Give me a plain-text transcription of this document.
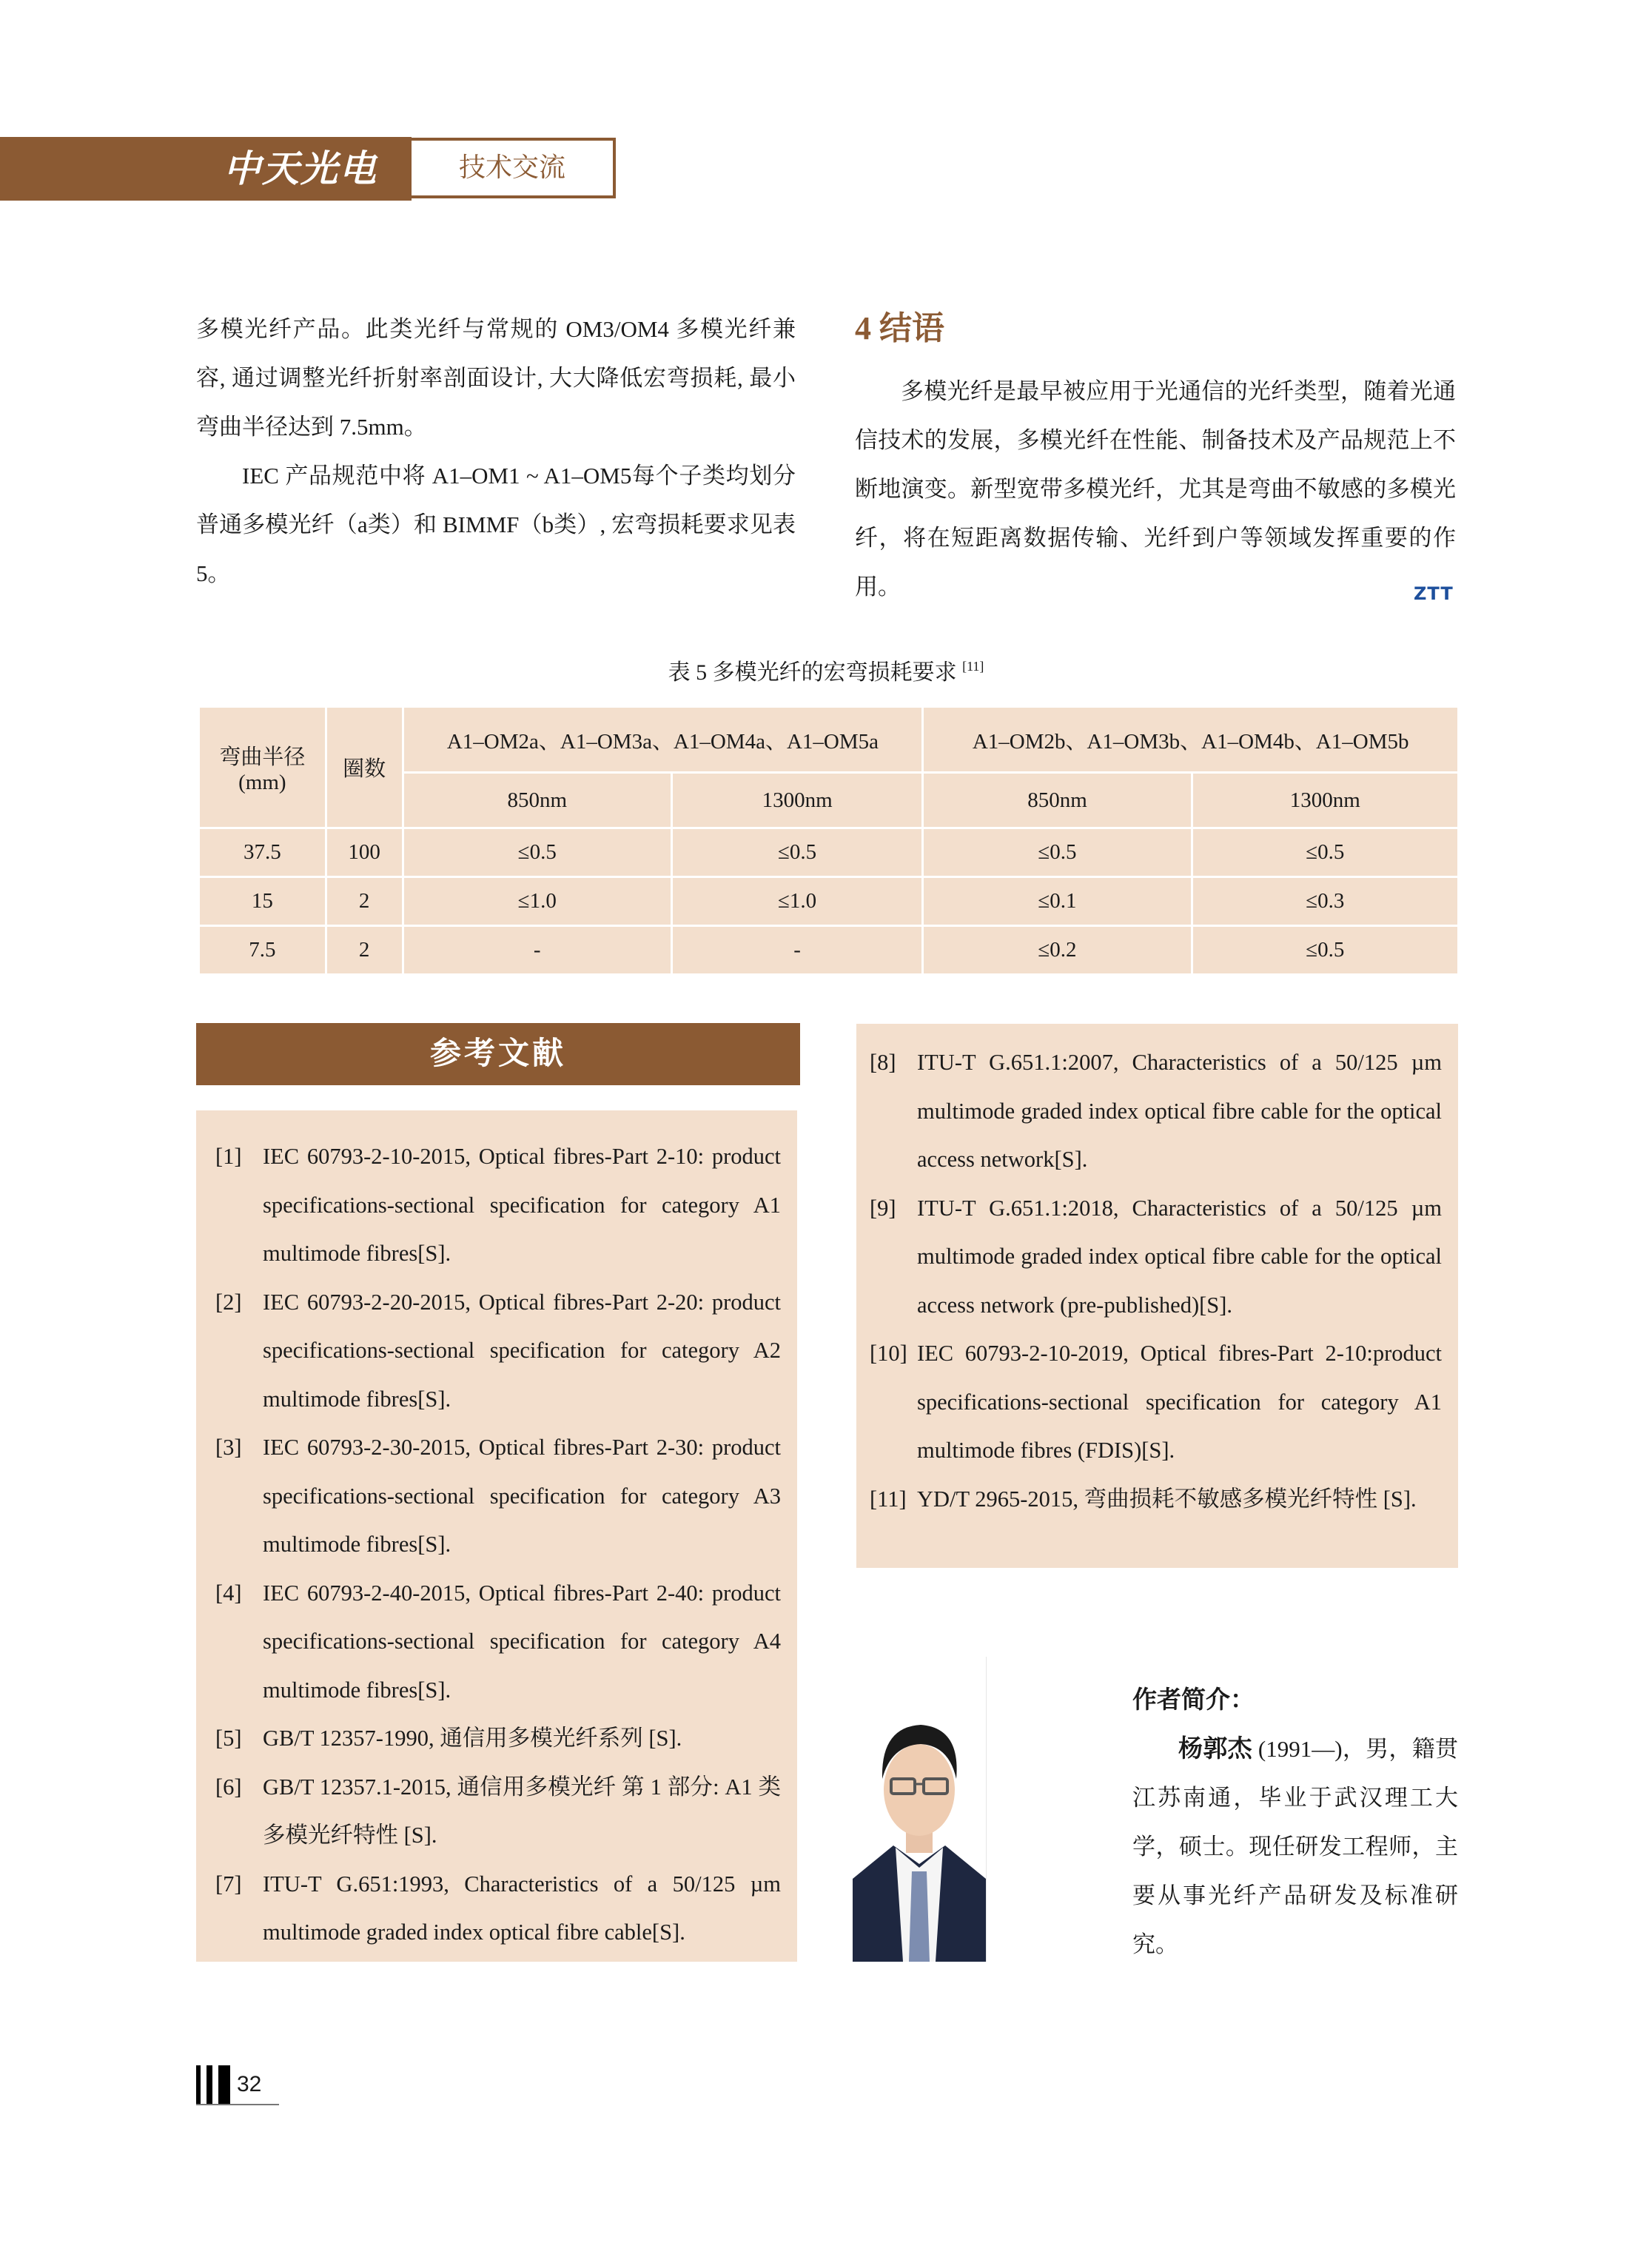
中天光电	技术交流

多模光纤产品。此类光纤与常规的 OM3/OM4 多模光纤兼容, 通过调整光纤折射率剖面设计, 大大降低宏弯损耗, 最小弯曲半径达到 7.5mm。

IEC 产品规范中将 A1–OM1 ~ A1–OM5每个子类均划分普通多模光纤（a类）和 BIMMF（b类）, 宏弯损耗要求见表 5。

4 结语

多模光纤是最早被应用于光通信的光纤类型，随着光通信技术的发展，多模光纤在性能、制备技术及产品规范上不断地演变。新型宽带多模光纤，尤其是弯曲不敏感的多模光纤，将在短距离数据传输、光纤到户等领域发挥重要的作用。	ZTT
表 5 多模光纤的宏弯损耗要求 [11]
弯曲半径
(mm)	圈数	A1–OM2a、A1–OM3a、A1–OM4a、A1–OM5a		A1–OM2b、A1–OM3b、A1–OM4b、A1–OM5b	
		850nm	1300nm	850nm	1300nm
37.5	100	≤0.5	≤0.5	≤0.5	≤0.5
15	2	≤1.0	≤1.0	≤0.1	≤0.3
7.5	2	-	-	≤0.2	≤0.5
参考文献
[1] IEC 60793-2-10-2015, Optical fibres-Part 2-10: product specifications-sectional specification for category A1 multimode fibres[S].
[2] IEC 60793-2-20-2015, Optical fibres-Part 2-20: product specifications-sectional specification for category A2 multimode fibres[S].
[3] IEC 60793-2-30-2015, Optical fibres-Part 2-30: product specifications-sectional specification for category A3 multimode fibres[S].
[4] IEC 60793-2-40-2015, Optical fibres-Part 2-40: product specifications-sectional specification for category A4 multimode fibres[S].
[5] GB/T 12357-1990, 通信用多模光纤系列 [S].
[6] GB/T 12357.1-2015, 通信用多模光纤 第 1 部分: A1 类多模光纤特性 [S].
[7] ITU-T G.651:1993, Characteristics of a 50/125 µm multimode graded index optical fibre cable[S].
[8] ITU-T G.651.1:2007, Characteristics of a 50/125 µm multimode graded index optical fibre cable for the optical access network[S].
[9] ITU-T G.651.1:2018, Characteristics of a 50/125 µm multimode graded index optical fibre cable for the optical access network (pre-published)[S].
[10] IEC 60793-2-10-2019, Optical fibres-Part 2-10:product specifications-sectional specification for category A1 multimode fibres (FDIS)[S].
[11] YD/T 2965-2015, 弯曲损耗不敏感多模光纤特性 [S].
作者简介：
杨郭杰 (1991—)，男，籍贯江苏南通，毕业于武汉理工大学，硕士。现任研发工程师，主要从事光纤产品研发及标准研究。
32
